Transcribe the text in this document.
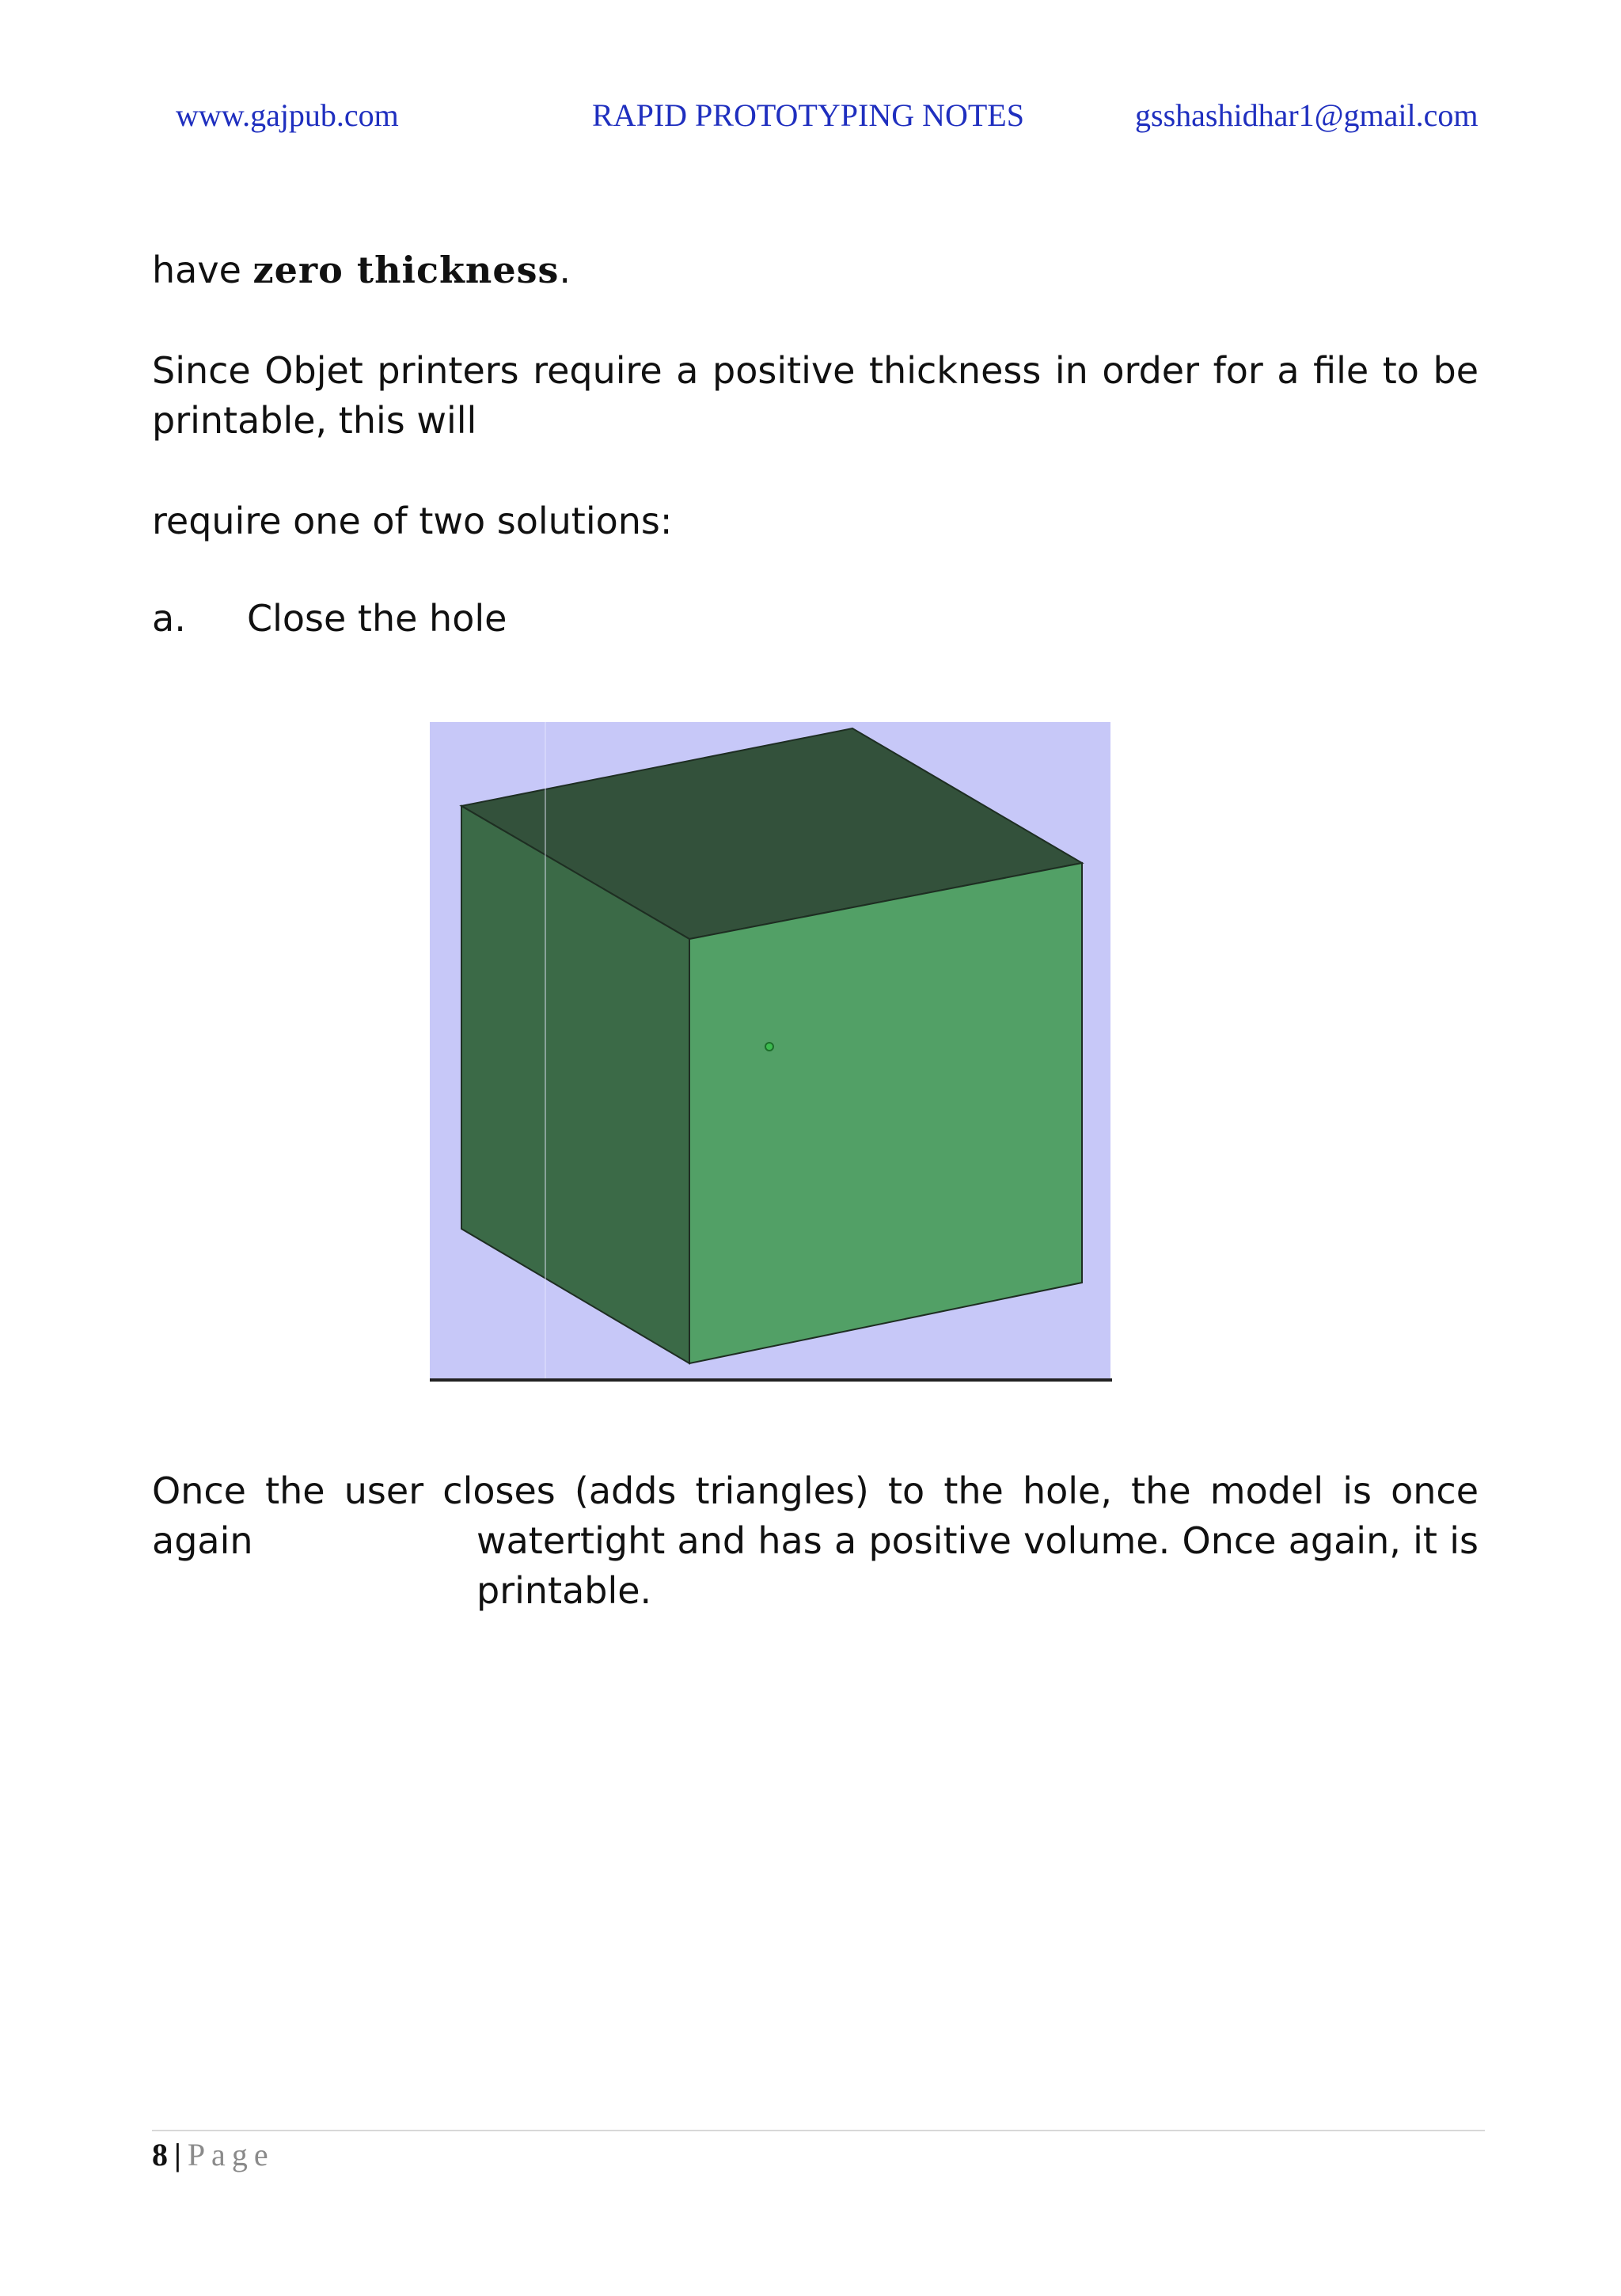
www.gajpub.com	RAPID PROTOTYPING NOTES	gsshashidhar1@gmail.com
have zero thickness.
Since Objet printers require a positive thickness in order for a file to be printable, this will
require one of two solutions:
a. Close the hole
Once the user closes (adds triangles) to the hole, the model is once again	watertight and has a positive volume. Once again, it is printable.
8 | Page
